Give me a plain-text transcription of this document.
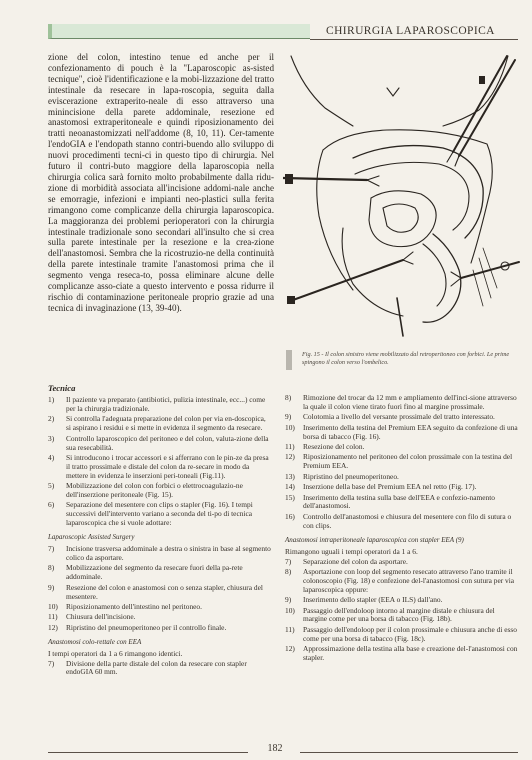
CHIRURGIA LAPAROSCOPICA

zione del colon, intestino tenue ed anche per il confezionamento di pouch è la "Laparoscopic as-sisted tecnique", cioè l'identificazione e la mobi-lizzazione del tratto intestinale da resecare in lapa-roscopia, seguita dalla eviscerazione extraperito-neale di esso attraverso una minincisione della parete addominale, resezione ed anastomosi extraperitoneale e quindi riposizionamento dei tratti neoanastomizzati nell'addome (8, 10, 11). Cer-tamente l'endoGIA e l'endopath stanno contri-buendo allo sviluppo di nuovi procedimenti tecni-ci in questo tipo di chirurgia. Nel futuro il contri-buto maggiore della laparoscopia nella chirurgia colica sarà fornito molto probabilmente dalla ridu-zione di morbidità associata all'incisione addomi-nale anche se emorragie, infezioni e impianti neo-plastici sulla ferita rimangono come complicanze della chirurgia laparoscopica. La maggioranza dei problemi perioperatori con la chirurgia intestinale tradizionale sono secondari all'insulto che si crea sulla parete intestinale per la resezione e la crea-zione dell'anastomosi. Sembra che la ricostruzio-ne della continuità della parete intestinale tramite l'anastomosi prima che il segmento venga reseca-to, possa eliminare alcune delle complicanze asso-ciate a questo intervento e possa ridurre il rischio di contaminazione peritoneale proprio grazie ad una tecnica di invaginazione (13, 39-40).

Fig. 15 - Il colon sinistro viene mobilizzato dal retroperitoneo con forbici. Le prime spingono il colon verso l'ombelico.
Tecnica
1) Il paziente va preparato (antibiotici, pulizia intestinale, ecc...) come per la chirurgia tradizionale.
2) Si controlla l'adeguata preparazione del colon per via en-doscopica, si aspirano i residui e si mette in evidenza il segmento da resecare.
3) Controllo laparoscopico del peritoneo e del colon, valuta-zione della sua resecabilità.
4) Si introducono i trocar accessori e si afferrano con le pin-ze da presa il tratto prossimale e distale del colon da re-secare in modo da mettere in evidenza le inserzioni peri-toneali (Fig.11).
5) Mobilizzazione del colon con forbici o elettrocoagulazio-ne dell'inserzione peritoneale (Fig. 15).
6) Separazione del mesentere con clips o stapler (Fig. 16). I tempi successivi dell'intervento variano a seconda del ti-po di tecnica laparoscopica che si vuole adottare:
Laparoscopic Assisted Surgery
7) Incisione trasversa addominale a destra o sinistra in base al segmento colico da asportare.
8) Mobilizzazione del segmento da resecare fuori della pa-rete addominale.
9) Resezione del colon e anastomosi con o senza stapler, chiusura del mesentere.
10) Riposizionamento dell'intestino nel peritoneo.
11) Chiusura dell'incisione.
12) Ripristino del pneumoperitoneo per il controllo finale.
Anastomosi colo-rettale con EEA
I tempi operatori da 1 a 6 rimangono identici.
7) Divisione della parte distale del colon da resecare con stapler endoGIA 60 mm.
8) Rimozione del trocar da 12 mm e ampliamento dell'inci-sione attraverso la quale il colon viene tirato fuori fino al margine prossimale.
9) Colotomia a livello del versante prossimale del tratto interessato.
10) Inserimento della testina del Premium EEA seguito da confezione di una borsa di tabacco (Fig. 16).
11) Resezione del colon.
12) Riposizionamento nel peritoneo del colon prossimale con la testina del Premium EEA.
13) Ripristino del pneumoperitoneo.
14) Inserzione della base del Premium EEA nel retto (Fig. 17).
15) Inserimento della testina sulla base dell'EEA e confezio-namento dell'anastomosi.
16) Controllo dell'anastomosi e chiusura del mesentere con filo di sutura o con clips.
Anastomosi intraperitoneale laparoscopica con stapler EEA (9)
Rimangono uguali i tempi operatori da 1 a 6.
7) Separazione del colon da asportare.
8) Asportazione con loop del segmento resecato attraverso l'ano tramite il colonoscopio (Fig. 18) e confezione del-l'anastomosi con sutura per via laparoscopica oppure:
9) Inserimento dello stapler (EEA o ILS) dall'ano.
10) Passaggio dell'endoloop intorno al margine distale e chiusura del margine come per una borsa di tabacco (Fig. 18b).
11) Passaggio dell'endoloop per il colon prossimale e chiusura anche di esso come per una borsa di tabacco (Fig. 18c).
12) Approssimazione della testina alla base e creazione del-l'anastomosi con stapler.
182
